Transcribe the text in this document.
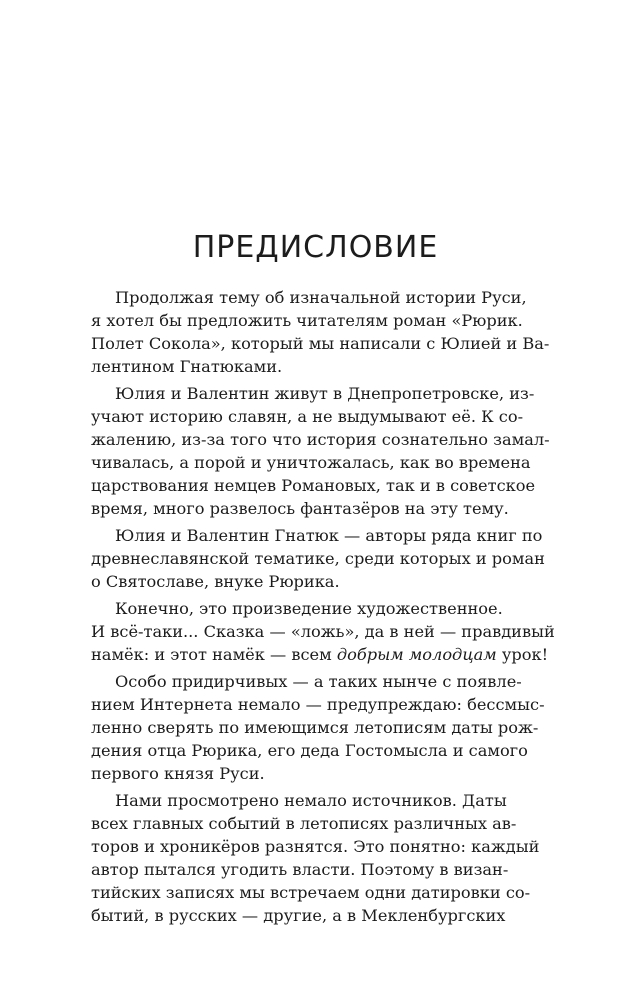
ПРЕДИСЛОВИЕ
Продолжая тему об изначальной истории Руси,
я хотел бы предложить читателям роман «Рюрик.
Полет Сокола», который мы написали с Юлией и Ва-
лентином Гнатюками.
Юлия и Валентин живут в Днепропетровске, из-
учают историю славян, а не выдумывают её. К со-
жалению, из-за того что история сознательно замал-
чивалась, а порой и уничтожалась, как во времена
царствования немцев Романовых, так и в советское
время, много развелось фантазёров на эту тему.
Юлия и Валентин Гнатюк — авторы ряда книг по
древнеславянской тематике, среди которых и роман
о Святославе, внуке Рюрика.
Конечно, это произведение художественное.
И всё-таки... Сказка — «ложь», да в ней — правдивый
намёк: и этот намёк — всем добрым молодцам урок!
Особо придирчивых — а таких нынче с появле-
нием Интернета немало — предупреждаю: бессмыс-
ленно сверять по имеющимся летописям даты рож-
дения отца Рюрика, его деда Гостомысла и самого
первого князя Руси.
Нами просмотрено немало источников. Даты
всех главных событий в летописях различных ав-
торов и хроникёров разнятся. Это понятно: каждый
автор пытался угодить власти. Поэтому в визан-
тийских записях мы встречаем одни датировки со-
бытий, в русских — другие, а в Мекленбургских
